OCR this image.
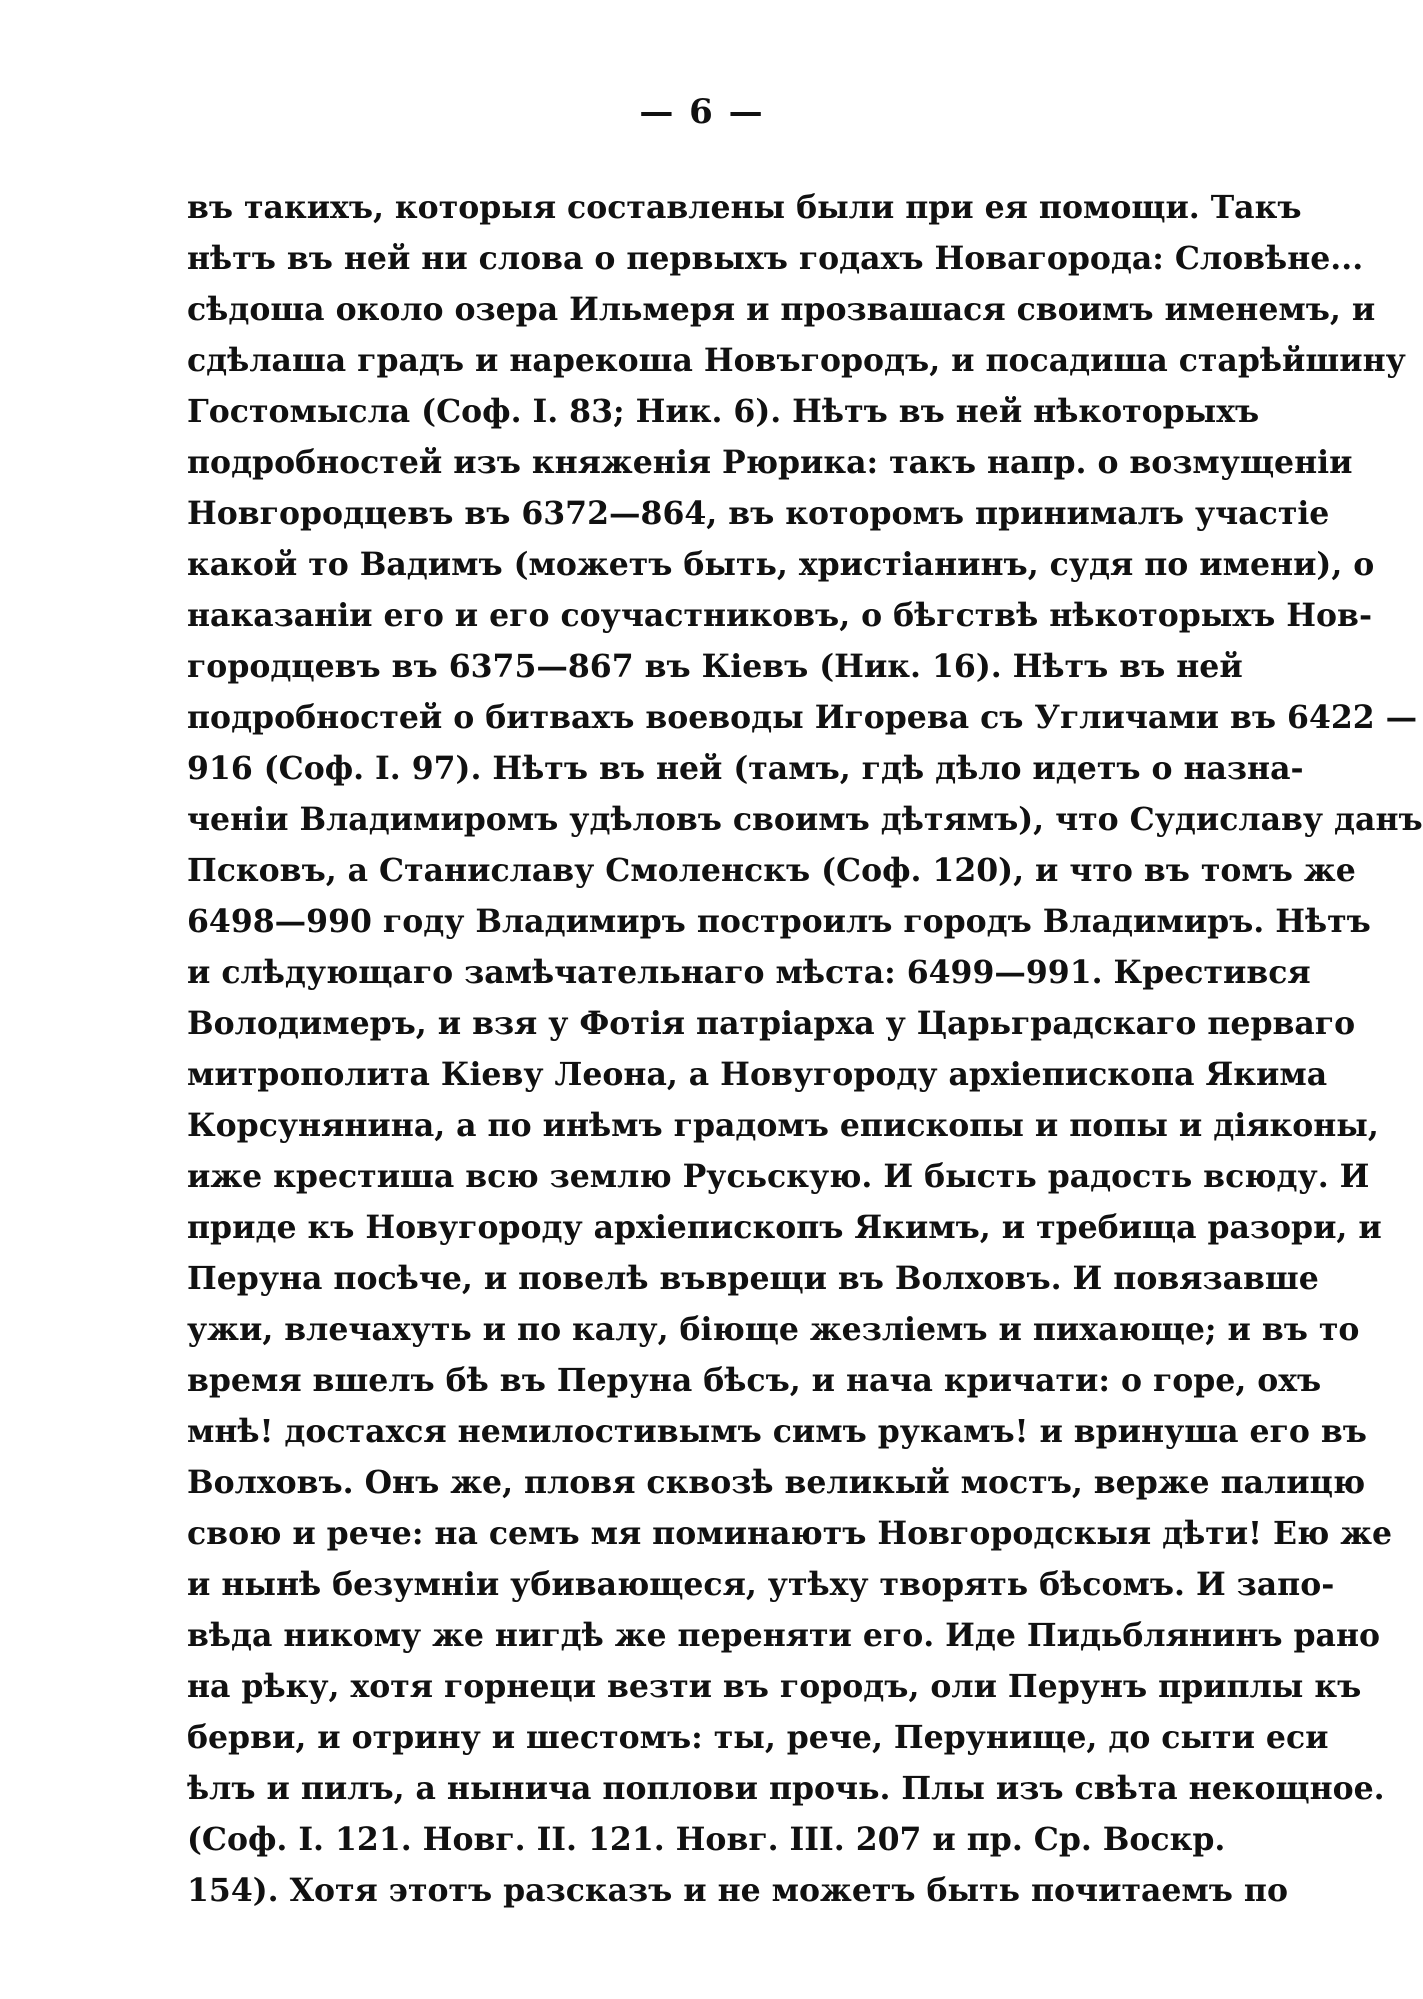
— 6 —
въ такихъ, которыя составлены были при ея помощи. Такъ
нѣтъ въ ней ни слова о первыхъ годахъ Новагорода: Словѣне...
сѣдоша около озера Ильмеря и прозвашася своимъ именемъ, и
сдѣлаша градъ и нарекоша Новъгородъ, и посадиша старѣйшину
Гостомысла (Соф. I. 83; Ник. 6). Нѣтъ въ ней нѣкоторыхъ
подробностей изъ княженія Рюрика: такъ напр. о возмущеніи
Новгородцевъ въ 6372—864, въ которомъ принималъ участіе
какой то Вадимъ (можетъ быть, христіанинъ, судя по имени), о
наказаніи его и его соучастниковъ, о бѣгствѣ нѣкоторыхъ Нов-
городцевъ въ 6375—867 въ Кіевъ (Ник. 16). Нѣтъ въ ней
подробностей о битвахъ воеводы Игорева съ Угличами въ 6422 —
916 (Соф. I. 97). Нѣтъ въ ней (тамъ, гдѣ дѣло идетъ о назна-
ченіи Владимиромъ удѣловъ своимъ дѣтямъ), что Судиславу данъ
Псковъ, а Станиславу Смоленскъ (Соф. 120), и что въ томъ же
6498—990 году Владимиръ построилъ городъ Владимиръ. Нѣтъ
и слѣдующаго замѣчательнаго мѣста: 6499—991. Крестився
Володимеръ, и взя у Фотія патріарха у Царьградскаго перваго
митрополита Кіеву Леона, а Новугороду архіепископа Якима
Корсунянина, а по инѣмъ градомъ епископы и попы и діяконы,
иже крестиша всю землю Русьскую. И бысть радость всюду. И
приде къ Новугороду архіепископъ Якимъ, и требища разори, и
Перуна посѣче, и повелѣ въврещи въ Волховъ. И повязавше
ужи, влечахуть и по калу, біюще жезліемъ и пихающе; и въ то
время вшелъ бѣ въ Перуна бѣсъ, и нача кричати: о горе, охъ
мнѣ! достахся немилостивымъ симъ рукамъ! и вринуша его въ
Волховъ. Онъ же, пловя сквозѣ великый мостъ, верже палицю
свою и рече: на семъ мя поминаютъ Новгородскыя дѣти! Ею же
и нынѣ безумніи убивающеся, утѣху творять бѣсомъ. И запо-
вѣда никому же нигдѣ же переняти его. Иде Пидьблянинъ рано
на рѣку, хотя горнеци везти въ городъ, оли Перунъ приплы къ
берви, и отрину и шестомъ: ты, рече, Перунище, до сыти еси
ѣлъ и пилъ, а нынича поплови прочь. Плы изъ свѣта некощное.
(Соф. I. 121. Новг. II. 121. Новг. III. 207 и пр. Ср. Воскр.
154). Хотя этотъ разсказъ и не можетъ быть почитаемъ по
